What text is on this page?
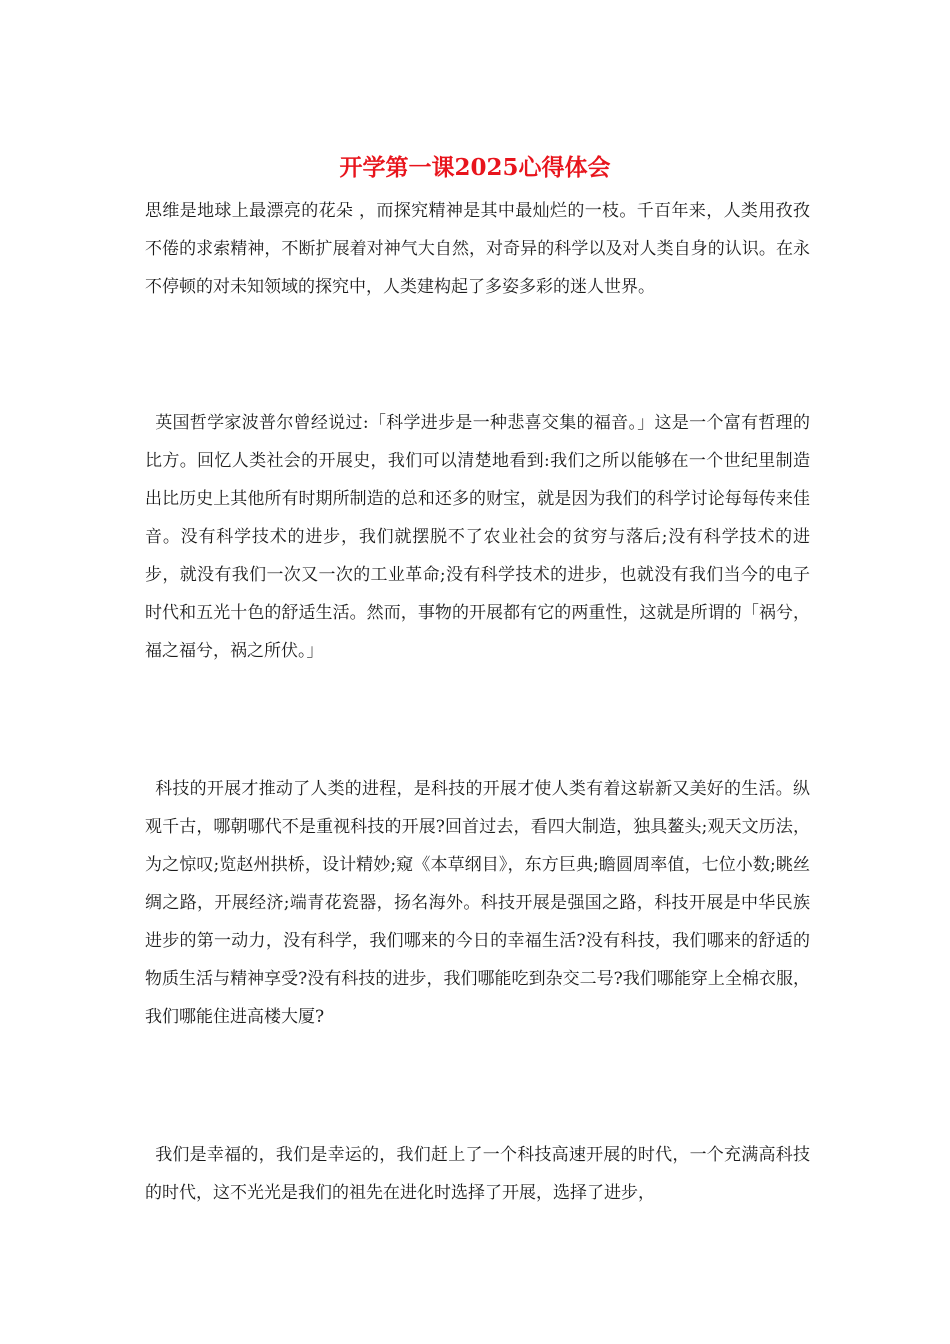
开学第一课2025心得体会

思维是地球上最漂亮的花朵 ，而探究精神是其中最灿烂的一枝。千百年来，人类用孜孜不倦的求索精神，不断扩展着对神气大自然，对奇异的科学以及对人类自身的认识。在永不停顿的对未知领域的探究中，人类建构起了多姿多彩的迷人世界。

英国哲学家波普尔曾经说过:「科学进步是一种悲喜交集的福音。」这是一个富有哲理的比方。回忆人类社会的开展史，我们可以清楚地看到:我们之所以能够在一个世纪里制造出比历史上其他所有时期所制造的总和还多的财宝，就是因为我们的科学讨论每每传来佳音。没有科学技术的进步，我们就摆脱不了农业社会的贫穷与落后;没有科学技术的进步，就没有我们一次又一次的工业革命;没有科学技术的进步，也就没有我们当今的电子时代和五光十色的舒适生活。然而，事物的开展都有它的两重性，这就是所谓的「祸兮，福之福兮，祸之所伏。」

科技的开展才推动了人类的进程，是科技的开展才使人类有着这崭新又美好的生活。纵观千古，哪朝哪代不是重视科技的开展?回首过去，看四大制造，独具鳌头;观天文历法，为之惊叹;览赵州拱桥，设计精妙;窥《本草纲目》，东方巨典;瞻圆周率值，七位小数;眺丝绸之路，开展经济;端青花瓷器，扬名海外。科技开展是强国之路，科技开展是中华民族进步的第一动力，没有科学，我们哪来的今日的幸福生活?没有科技，我们哪来的舒适的物质生活与精神享受?没有科技的进步，我们哪能吃到杂交二号?我们哪能穿上全棉衣服，我们哪能住进高楼大厦?

我们是幸福的，我们是幸运的，我们赶上了一个科技高速开展的时代，一个充满高科技的时代，这不光光是我们的祖先在进化时选择了开展，选择了进步，
